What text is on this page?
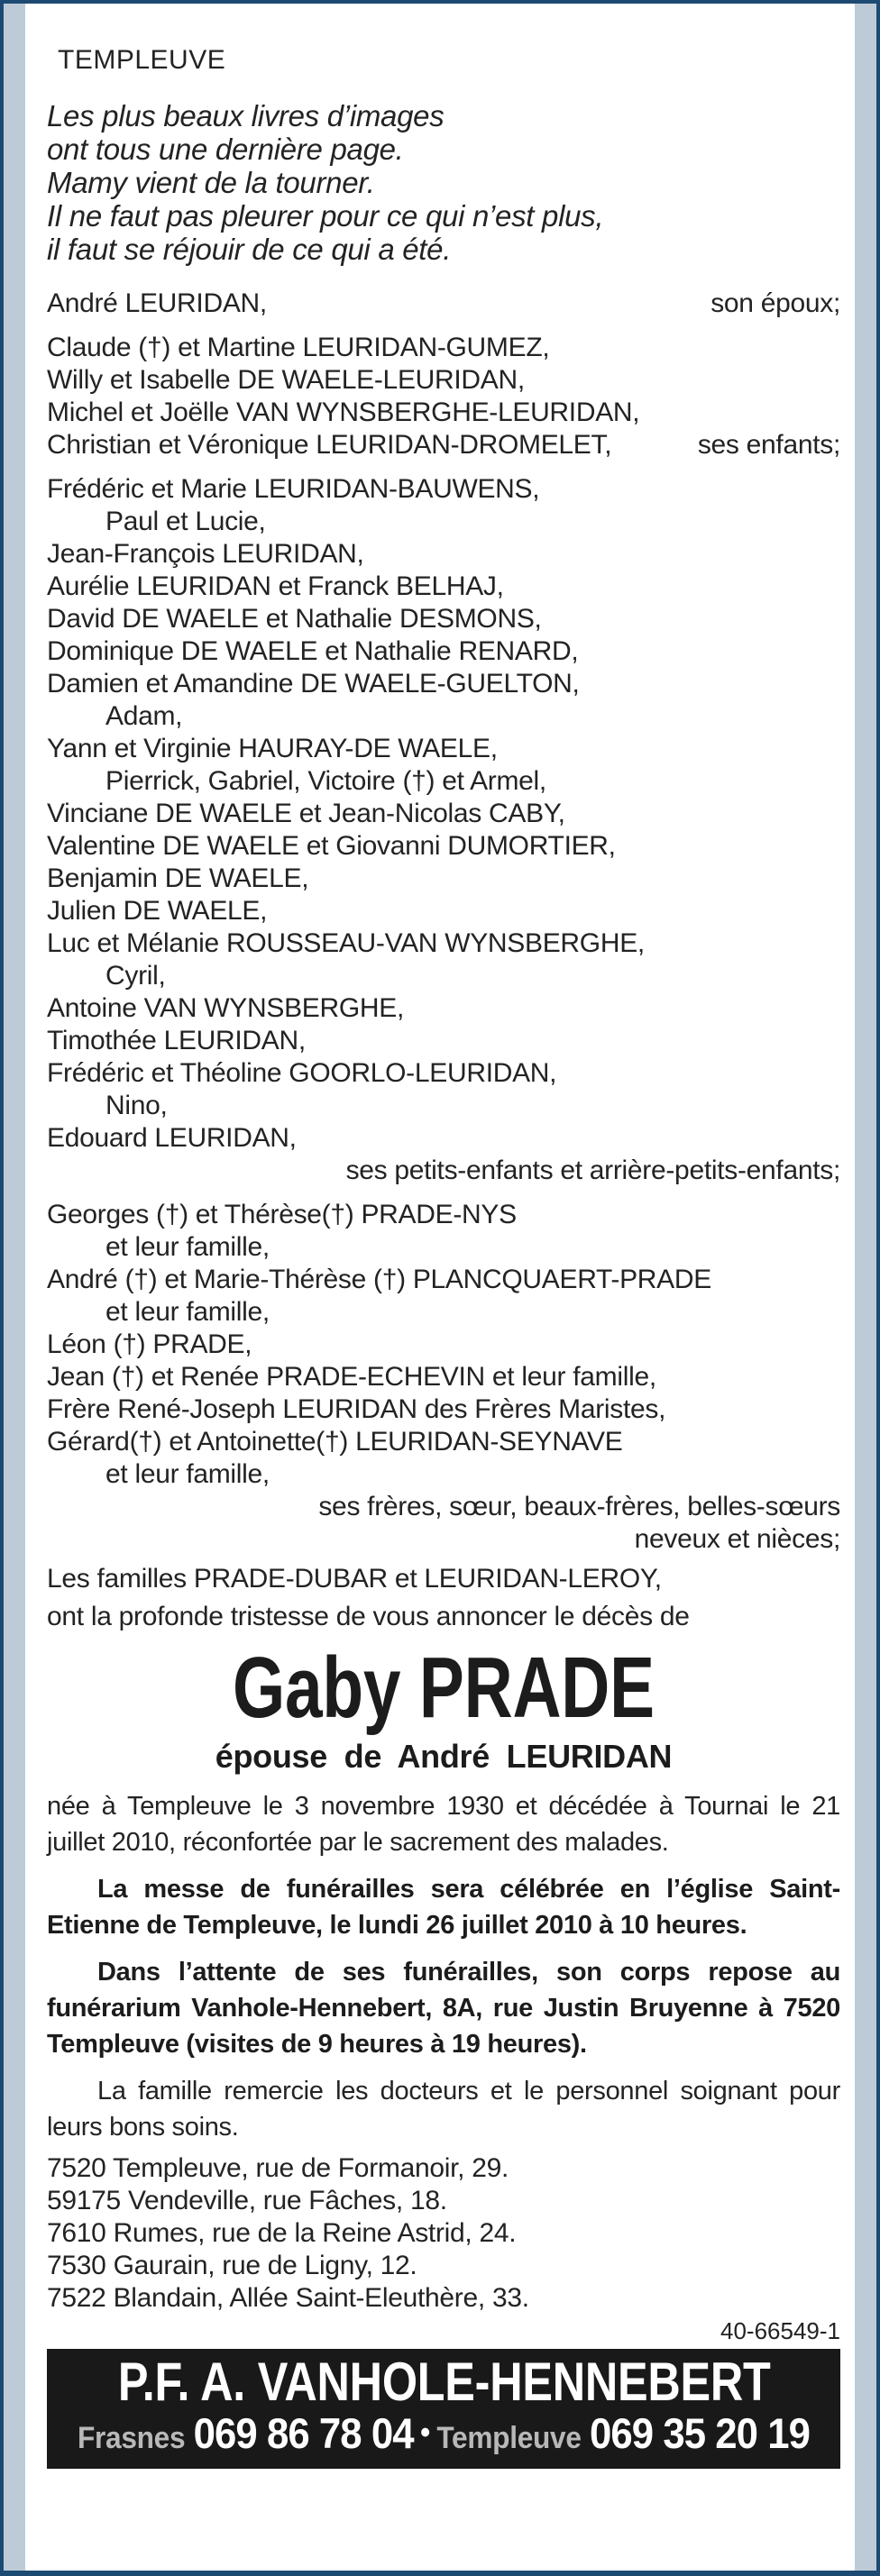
TEMPLEUVE
Les plus beaux livres d’images
ont tous une dernière page.
Mamy vient de la tourner.
Il ne faut pas pleurer pour ce qui n’est plus,
il faut se réjouir de ce qui a été.
André LEURIDAN,	son époux;
Claude (†) et Martine LEURIDAN-GUMEZ,
Willy et Isabelle DE WAELE-LEURIDAN,
Michel et Joëlle VAN WYNSBERGHE-LEURIDAN,
Christian et Véronique LEURIDAN-DROMELET,	ses enfants;
Frédéric et Marie LEURIDAN-BAUWENS,
Paul et Lucie,
Jean-François LEURIDAN,
Aurélie LEURIDAN et Franck BELHAJ,
David DE WAELE et Nathalie DESMONS,
Dominique DE WAELE et Nathalie RENARD,
Damien et Amandine DE WAELE-GUELTON,
Adam,
Yann et Virginie HAURAY-DE WAELE,
Pierrick, Gabriel, Victoire (†) et Armel,
Vinciane DE WAELE et Jean-Nicolas CABY,
Valentine DE WAELE et Giovanni DUMORTIER,
Benjamin DE WAELE,
Julien DE WAELE,
Luc et Mélanie ROUSSEAU-VAN WYNSBERGHE,
Cyril,
Antoine VAN WYNSBERGHE,
Timothée LEURIDAN,
Frédéric et Théoline GOORLO-LEURIDAN,
Nino,
Edouard LEURIDAN,
ses petits-enfants et arrière-petits-enfants;
Georges (†) et Thérèse(†) PRADE-NYS
et leur famille,
André (†) et Marie-Thérèse (†) PLANCQUAERT-PRADE
et leur famille,
Léon (†) PRADE,
Jean (†) et Renée PRADE-ECHEVIN et leur famille,
Frère René-Joseph LEURIDAN des Frères Maristes,
Gérard(†) et Antoinette(†) LEURIDAN-SEYNAVE
et leur famille,
ses frères, sœur, beaux-frères, belles-sœurs
neveux et nièces;
Les familles PRADE-DUBAR et LEURIDAN-LEROY,
ont la profonde tristesse de vous annoncer le décès de
Gaby PRADE
épouse de André LEURIDAN

née à Templeuve le 3 novembre 1930 et décédée à Tournai le 21 juillet 2010, réconfortée par le sacrement des malades.

La messe de funérailles sera célébrée en l’église Saint-Etienne de Templeuve, le lundi 26 juillet 2010 à 10 heures.

Dans l’attente de ses funérailles, son corps repose au funérarium Vanhole-Hennebert, 8A, rue Justin Bruyenne à 7520 Templeuve (visites de 9 heures à 19 heures).

La famille remercie les docteurs et le personnel soignant pour leurs bons soins.

7520 Templeuve, rue de Formanoir, 29.
59175 Vendeville, rue Fâches, 18.
7610 Rumes, rue de la Reine Astrid, 24.
7530 Gaurain, rue de Ligny, 12.
7522 Blandain, Allée Saint-Eleuthère, 33.
40-66549-1
P.F. A. VANHOLE-HENNEBERT
Frasnes 069 86 78 04 • Templeuve 069 35 20 19
